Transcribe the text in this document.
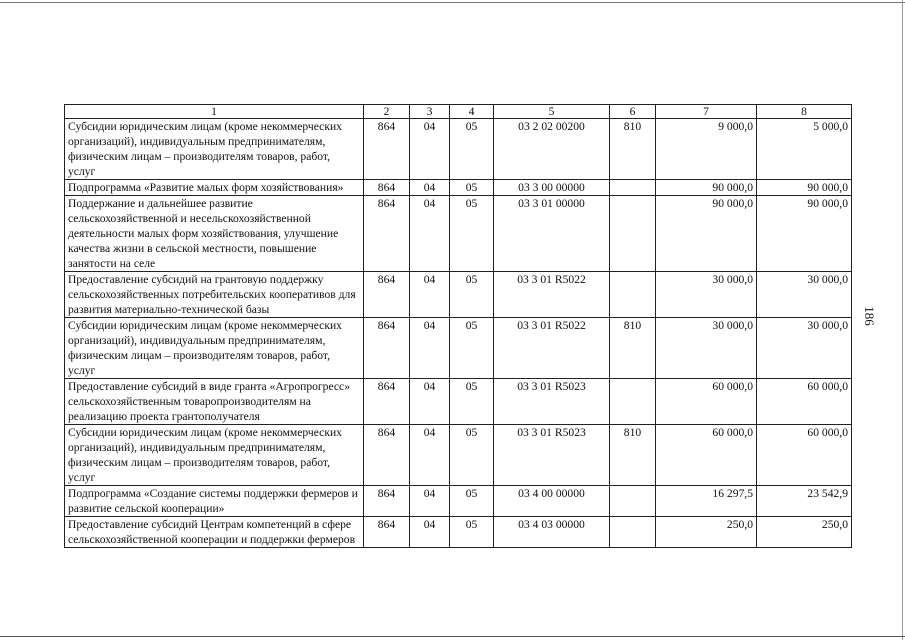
1	2	3	4	5	6	7	8
Субсидии юридическим лицам (кроме некоммерческих организаций), индивидуальным предпринимателям, физическим лицам – производителям товаров, работ, услуг	864	04	05	03 2 02 00200	810	9 000,0	5 000,0
Подпрограмма «Развитие малых форм хозяйствования»	864	04	05	03 3 00 00000		90 000,0	90 000,0
Поддержание и дальнейшее развитие сельскохозяйственной и несельскохозяйственной деятельности малых форм хозяйствования, улучшение качества жизни в сельской местности, повышение занятости на селе	864	04	05	03 3 01 00000		90 000,0	90 000,0
Предоставление субсидий на грантовую поддержку сельскохозяйственных потребительских кооперативов для развития материально-технической базы	864	04	05	03 3 01 R5022		30 000,0	30 000,0
Субсидии юридическим лицам (кроме некоммерческих организаций), индивидуальным предпринимателям, физическим лицам – производителям товаров, работ, услуг	864	04	05	03 3 01 R5022	810	30 000,0	30 000,0
Предоставление субсидий в виде гранта «Агропрогресс» сельскохозяйственным товаропроизводителям на реализацию проекта грантополучателя	864	04	05	03 3 01 R5023		60 000,0	60 000,0
Субсидии юридическим лицам (кроме некоммерческих организаций), индивидуальным предпринимателям, физическим лицам – производителям товаров, работ, услуг	864	04	05	03 3 01 R5023	810	60 000,0	60 000,0
Подпрограмма «Создание системы поддержки фермеров и развитие сельской кооперации»	864	04	05	03 4 00 00000		16 297,5	23 542,9
Предоставление субсидий Центрам компетенций в сфере сельскохозяйственной кооперации и поддержки фермеров	864	04	05	03 4 03 00000		250,0	250,0
186
